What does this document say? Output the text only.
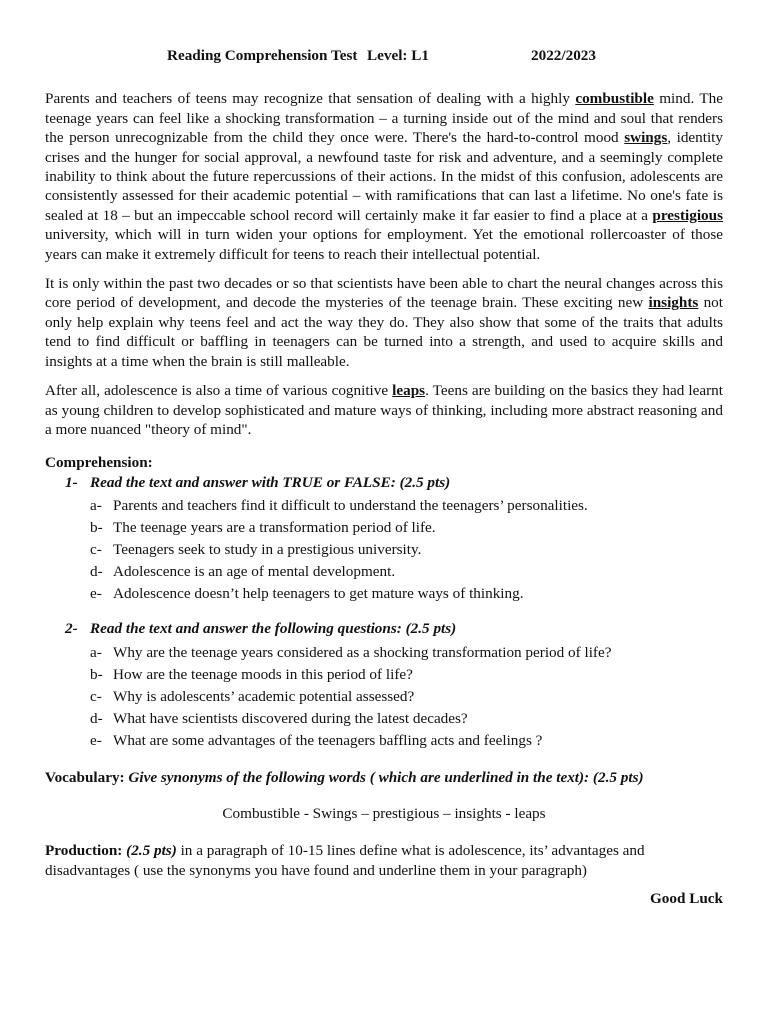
Reading Comprehension Test Level: L1	2022/2023

Parents and teachers of teens may recognize that sensation of dealing with a highly combustible mind. The teenage years can feel like a shocking transformation – a turning inside out of the mind and soul that renders the person unrecognizable from the child they once were. There's the hard-to-control mood swings, identity crises and the hunger for social approval, a newfound taste for risk and adventure, and a seemingly complete inability to think about the future repercussions of their actions. In the midst of this confusion, adolescents are consistently assessed for their academic potential – with ramifications that can last a lifetime. No one's fate is sealed at 18 – but an impeccable school record will certainly make it far easier to find a place at a prestigious university, which will in turn widen your options for employment. Yet the emotional rollercoaster of those years can make it extremely difficult for teens to reach their intellectual potential.

It is only within the past two decades or so that scientists have been able to chart the neural changes across this core period of development, and decode the mysteries of the teenage brain. These exciting new insights not only help explain why teens feel and act the way they do. They also show that some of the traits that adults tend to find difficult or baffling in teenagers can be turned into a strength, and used to acquire skills and insights at a time when the brain is still malleable.

After all, adolescence is also a time of various cognitive leaps. Teens are building on the basics they had learnt as young children to develop sophisticated and mature ways of thinking, including more abstract reasoning and a more nuanced "theory of mind".

Comprehension:
1- Read the text and answer with TRUE or FALSE: (2.5 pts)
a- Parents and teachers find it difficult to understand the teenagers’ personalities.
b- The teenage years are a transformation period of life.
c- Teenagers seek to study in a prestigious university.
d- Adolescence is an age of mental development.
e- Adolescence doesn’t help teenagers to get mature ways of thinking.
2- Read the text and answer the following questions: (2.5 pts)
a- Why are the teenage years considered as a shocking transformation period of life?
b- How are the teenage moods in this period of life?
c- Why is adolescents’ academic potential assessed?
d- What have scientists discovered during the latest decades?
e- What are some advantages of the teenagers baffling acts and feelings ?
Vocabulary: Give synonyms of the following words ( which are underlined in the text): (2.5 pts)
Combustible - Swings – prestigious – insights - leaps
Production: (2.5 pts) in a paragraph of 10-15 lines define what is adolescence, its’ advantages and disadvantages ( use the synonyms you have found and underline them in your paragraph)
Good Luck
